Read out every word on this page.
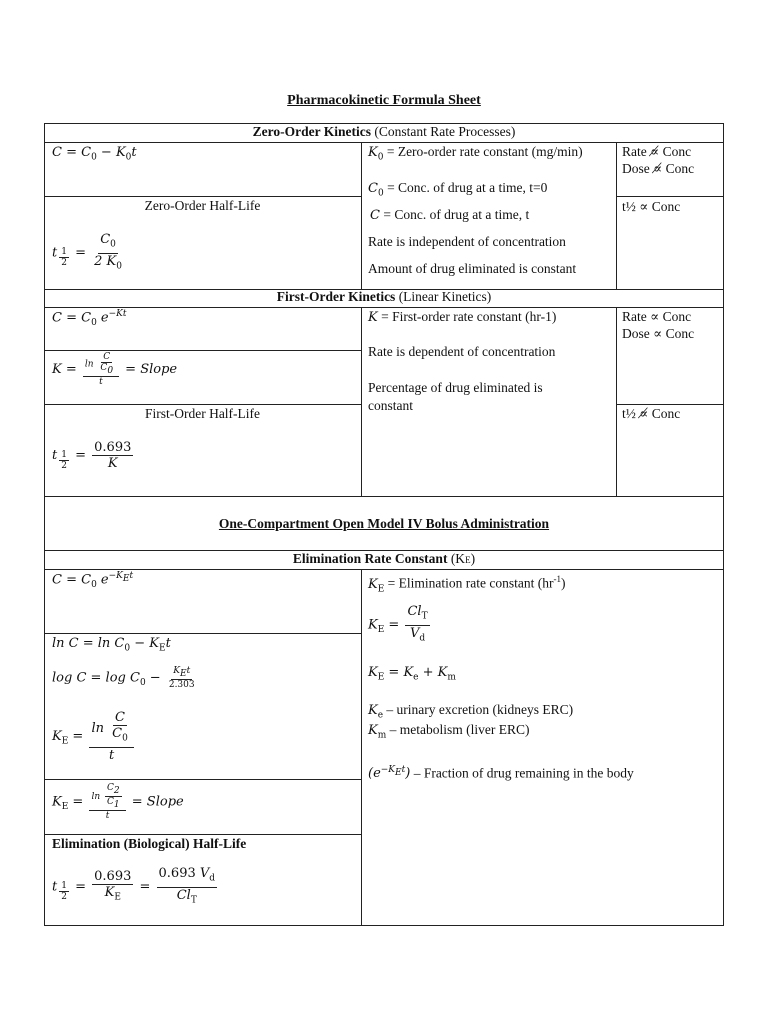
Pharmacokinetic Formula Sheet
Zero-Order Kinetics (Constant Rate Processes)
$C = C_0 - K_0t$
Zero-Order Half-Life
t $_{\frac{1}{2}} = \frac{C_0}{2 K_0}$
$K_0$ = Zero-order rate constant (mg/min)
$C_0$ = Conc. of drug at a time, t=0
C = Conc. of drug at a time, t
Rate is independent of concentration
Amount of drug eliminated is constant
Rate ∝̸ Conc
Dose ∝̸ Conc
t½ ∝ Conc
First-Order Kinetics (Linear Kinetics)
$C = C_0$ $e^{-Kt}$
$K = \frac{\ln \frac{C}{C_0}}{t}$ = Slope
First-Order Half-Life
t $_{\frac{1}{2}} = \frac{0.693}{K}$
K = First-order rate constant (hr-1)
Rate is dependent of concentration
Percentage of drug eliminated is
constant
Rate ∝ Conc
Dose ∝ Conc
t½ ∝̸ Conc
One-Compartment Open Model IV Bolus Administration
Elimination Rate Constant (KE)
$C = C_0$ $e^{-K_Et}$
$\ln C = \ln C_0 - K_Et$
$\log C = \log C_0 - \frac{K_Et}{2.303}$
$K_E = \frac{\ln \frac{C}{C_0}}{t}$
$K_E = \frac{\ln \frac{C_2}{C_1}}{t}$ = Slope
Elimination (Biological) Half-Life
t $_{\frac{1}{2}} = \frac{0.693}{K_E} = \frac{0.693 V_d}{Cl_T}$
$K_E$ = Elimination rate constant $(hr^{-1})$
$K_E = \frac{Cl_T}{V_d}$
$K_E = K_e + K_m$
$K_e$ – urinary excretion (kidneys ERC)
$K_m$ – metabolism (liver ERC)
$(e^{-K_Et})$ – Fraction of drug remaining in the body
